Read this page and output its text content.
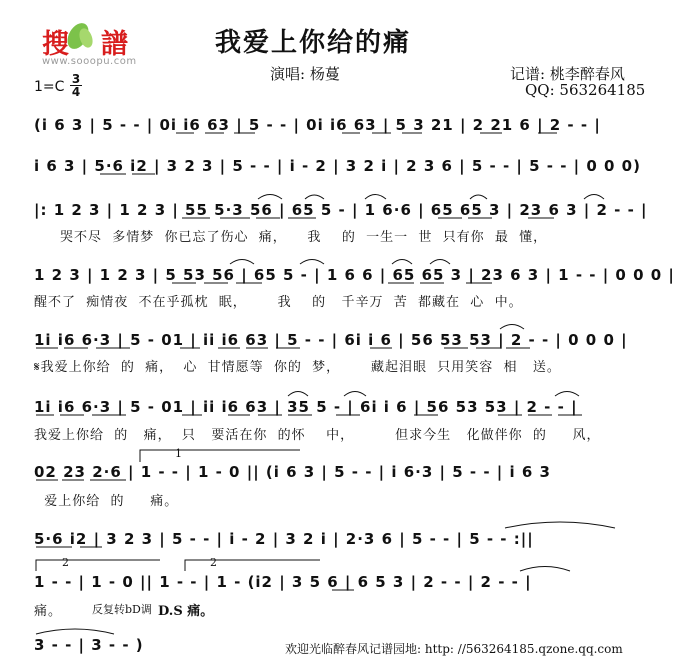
搜 譜
www.sooopu.com
我爱上你给的痛
演唱: 杨蔓	记谱: 桃李醉春风
QQ: 563264185
1=C 3
4
(i 6 3 | 5 - - | 0i i6 63 | 5 - - | 0i i6 63 | 5 3 21 | 2 21 6 | 2 - - |
i 6 3 | 5·6 i2 | 3 2 3 | 5 - - | i - 2 | 3 2 i | 2 3 6 | 5 - - | 5 - - | 0 0 0)
|: 1 2 3 | 1 2 3 | 55 5·3 56 | 65 5 - | 1 6·6 | 65 65 3 | 23 6 3 | 2 - - |
哭不尽  多情梦  你已忘了伤心  痛，    我    的  一生一  世  只有你  最  懂，
1 2 3 | 1 2 3 | 5 53 56 | 65 5 - | 1 6 6 | 65 65 3 | 23 6 3 | 1 - - | 0 0 0 |
醒不了  痴情夜  不在乎孤枕  眠，      我    的   千辛万  苦  都藏在  心  中。
1i i6 6·3 | 5 - 01 | ii i6 63 | 5 - - | 6i i 6 | 56 53 53 | 2 - - | 0 0 0 |
𝄋我爱上你给  的  痛，  心  甘情愿等  你的  梦，      藏起泪眼  只用笑容  相   送。
1i i6 6·3 | 5 - 01 | ii i6 63 | 35 5 - | 6i i 6 | 56 53 53 | 2 - - |
我爱上你给  的   痛，  只   要活在你  的怀    中，        但求今生   化做伴你  的     风，
02 23 2·6 | 1 - - | 1 - 0 || (i 6 3 | 5 - - | i 6·3 | 5 - - | i 6 3
爱上你给  的     痛。
5·6 i2 | 3 2 3 | 5 - - | i - 2 | 3 2 i | 2·3 6 | 5 - - | 5 - - :||
1 - - | 1 - 0 || 1 - - | 1 - (i2 | 3 5 6 | 6 5 3 | 2 - - | 2 - - |
痛。	反复转bD调 D.S 痛。
3 - - | 3 - - )
1
2	2
欢迎光临醉春风记谱园地: http: //563264185.qzone.qq.com
